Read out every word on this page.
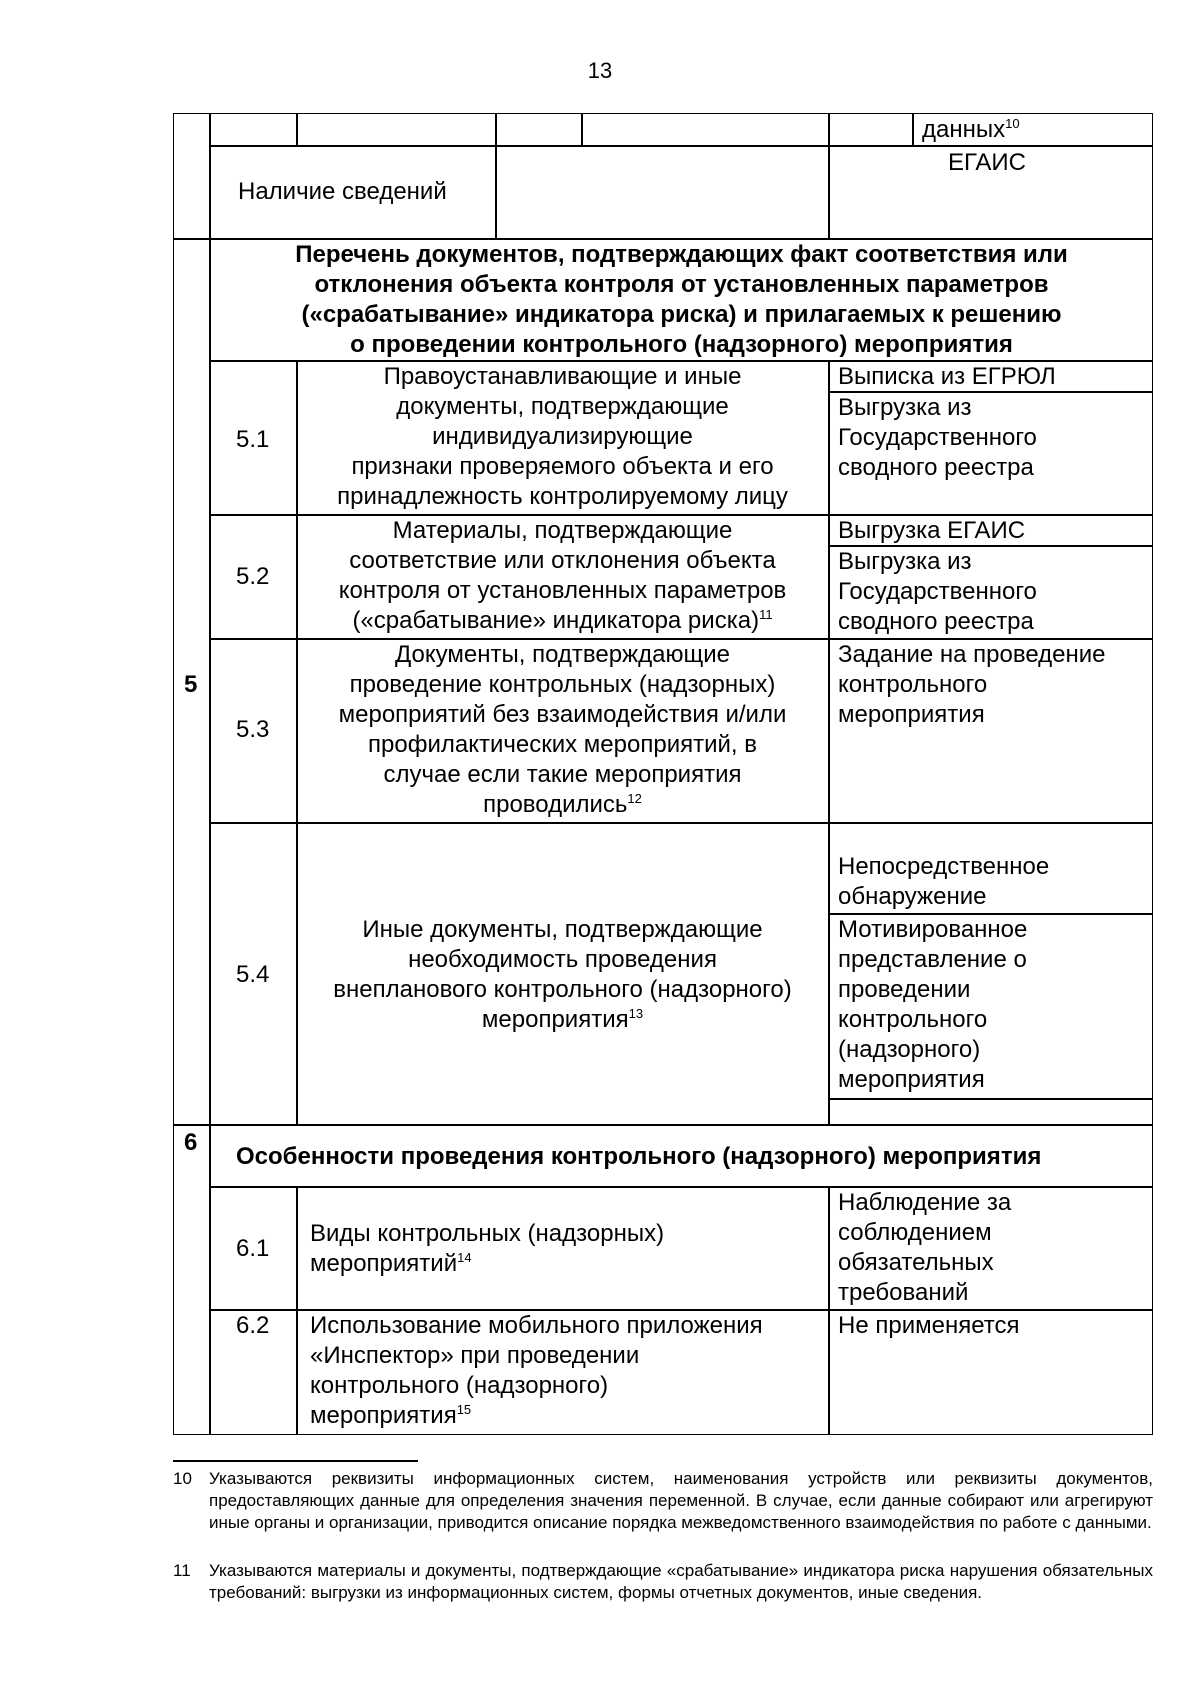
13
данных$^{10}$
Наличие сведений
ЕГАИС
5
Перечень документов, подтверждающих факт соответствия или
отклонения объекта контроля от установленных параметров
(«срабатывание» индикатора риска) и прилагаемых к решению
о проведении контрольного (надзорного) мероприятия
5.1
Правоустанавливающие и иные
документы, подтверждающие
индивидуализирующие
признаки проверяемого объекта и его
принадлежность контролируемому лицу
Выписка из ЕГРЮЛ
Выгрузка из
Государственного
сводного реестра
5.2
Материалы, подтверждающие
соответствие или отклонения объекта
контроля от установленных параметров
(«срабатывание» индикатора риска)$^{11}$
Выгрузка ЕГАИС
Выгрузка из
Государственного
сводного реестра
5.3
Документы, подтверждающие
проведение контрольных (надзорных)
мероприятий без взаимодействия и/или
профилактических мероприятий, в
случае если такие мероприятия
проводились$^{12}$
Задание на проведение
контрольного
мероприятия
5.4
Иные документы, подтверждающие
необходимость проведения
внепланового контрольного (надзорного)
мероприятия$^{13}$
Непосредственное
обнаружение
Мотивированное
представление о
проведении
контрольного
(надзорного)
мероприятия
6
Особенности проведения контрольного (надзорного) мероприятия
6.1
Виды контрольных (надзорных)
мероприятий$^{14}$
Наблюдение за
соблюдением
обязательных
требований
6.2 Использование мобильного приложения
«Инспектор» при проведении
контрольного (надзорного)
мероприятия$^{15}$
Не применяется
10 Указываются реквизиты информационных систем, наименования устройств или реквизиты документов, предоставляющих данные для определения значения переменной. В случае, если данные собирают или агрегируют иные органы и организации, приводится описание порядка межведомственного взаимодействия по работе с данными.
11 Указываются материалы и документы, подтверждающие «срабатывание» индикатора риска нарушения обязательных требований: выгрузки из информационных систем, формы отчетных документов, иные сведения.
